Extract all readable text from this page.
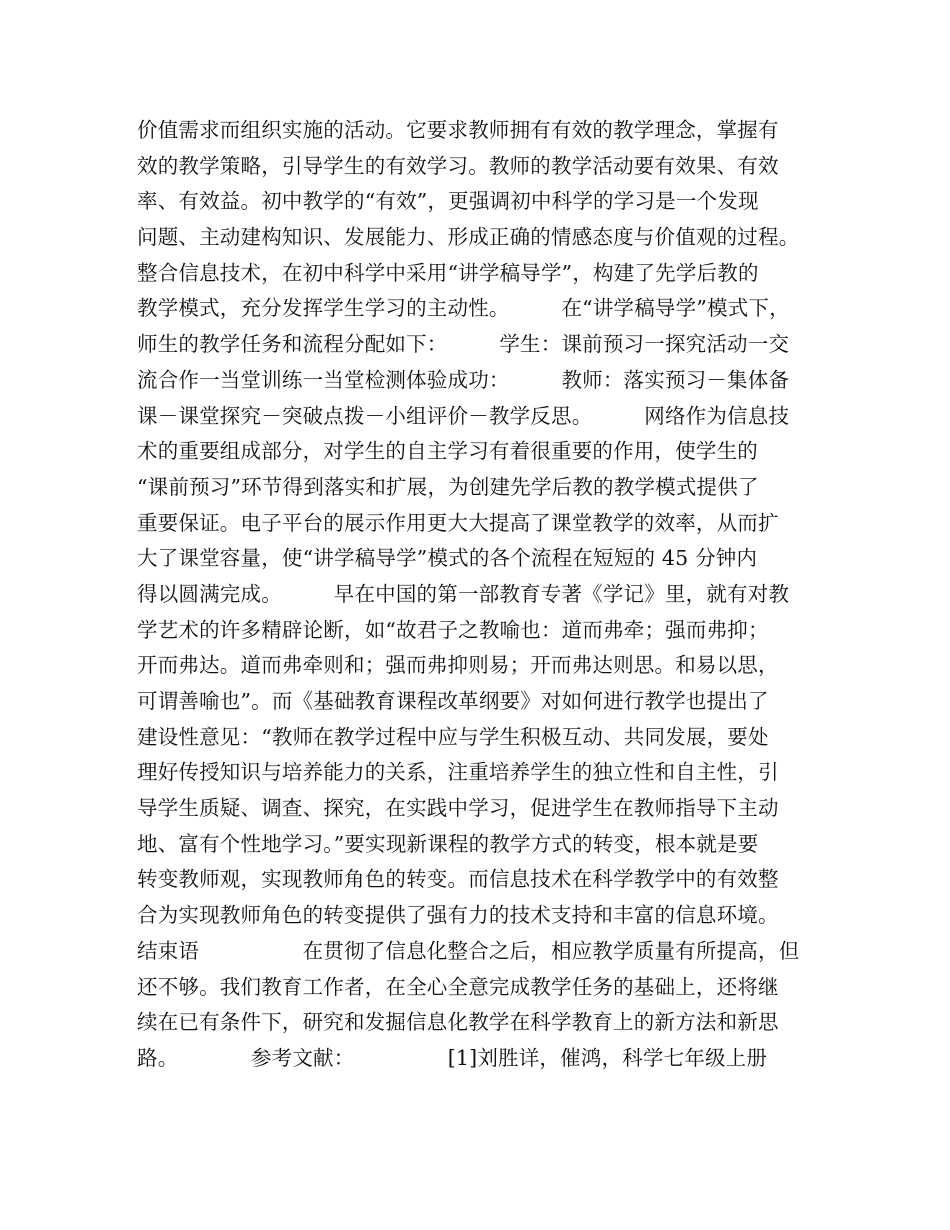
价值需求而组织实施的活动。它要求教师拥有有效的教学理念，掌握有
效的教学策略，引导学生的有效学习。教师的教学活动要有效果、有效
率、有效益。初中教学的“有效”，更强调初中科学的学习是一个发现
问题、主动建构知识、发展能力、形成正确的情感态度与价值观的过程。
整合信息技术，在初中科学中采用“讲学稿导学”，构建了先学后教的
教学模式，充分发挥学生学习的主动性。　　　在“讲学稿导学”模式下，
师生的教学任务和流程分配如下：　　　学生：课前预习一探究活动一交
流合作一当堂训练一当堂检测体验成功：　　　教师：落实预习－集体备
课－课堂探究－突破点拨－小组评价－教学反思。　　　网络作为信息技
术的重要组成部分，对学生的自主学习有着很重要的作用，使学生的
“课前预习”环节得到落实和扩展，为创建先学后教的教学模式提供了
重要保证。电子平台的展示作用更大大提高了课堂教学的效率，从而扩
大了课堂容量，使“讲学稿导学”模式的各个流程在短短的 45 分钟内
得以圆满完成。　　　早在中国的第一部教育专著《学记》里，就有对教
学艺术的许多精辟论断，如“故君子之教喻也：道而弗牵；强而弗抑；
开而弗达。道而弗牵则和；强而弗抑则易；开而弗达则思。和易以思，
可谓善喻也”。而《基础教育课程改革纲要》对如何进行教学也提出了
建设性意见：“教师在教学过程中应与学生积极互动、共同发展，要处
理好传授知识与培养能力的关系，注重培养学生的独立性和自主性，引
导学生质疑、调查、探究，在实践中学习，促进学生在教师指导下主动
地、富有个性地学习。”要实现新课程的教学方式的转变，根本就是要
转变教师观，实现教师角色的转变。而信息技术在科学教学中的有效整
合为实现教师角色的转变提供了强有力的技术支持和丰富的信息环境。
结束语　　　　　在贯彻了信息化整合之后，相应教学质量有所提高，但
还不够。我们教育工作者，在全心全意完成教学任务的基础上，还将继
续在已有条件下，研究和发掘信息化教学在科学教育上的新方法和新思
路。　　　　参考文献：　　　　　[1]刘胜详，催鸿，科学七年级上册
